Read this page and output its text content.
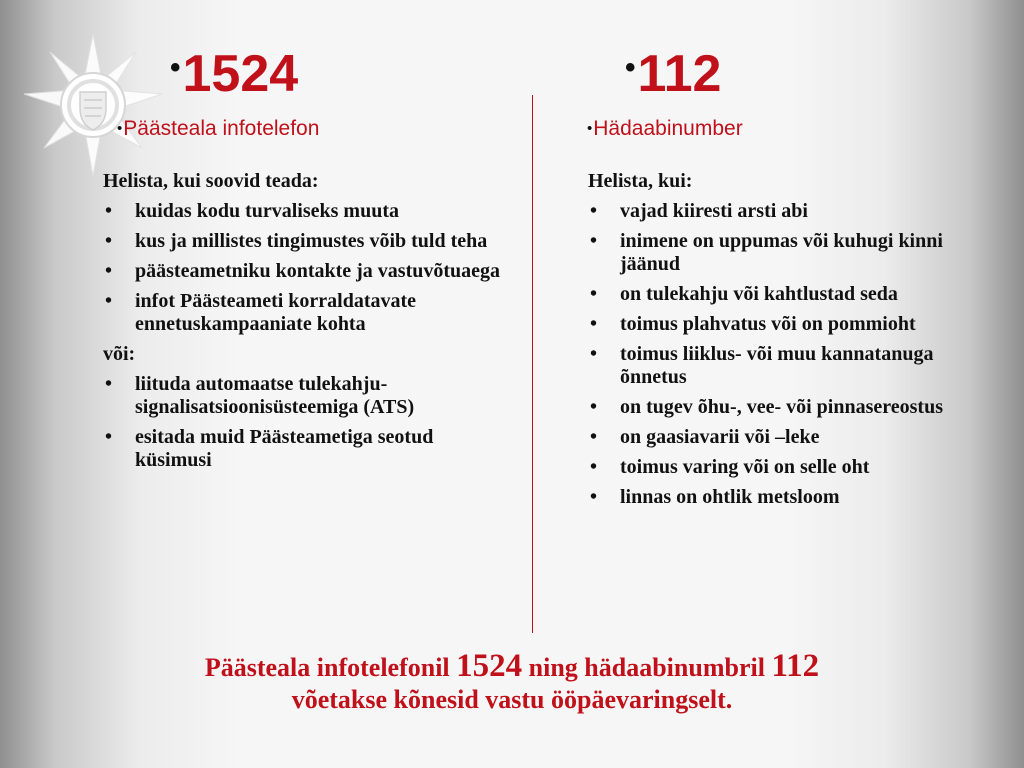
•1524	•112
•Päästeala infotelefon	•Hädaabinumber
Helista, kui soovid teada:
• kuidas kodu turvaliseks muuta
• kus ja millistes tingimustes võib tuld teha
• päästeametniku kontakte ja vastuvõtuaega
• infot Päästeameti korraldatavate ennetuskampaaniate kohta
või:
• liituda automaatse tulekahju-signalisatsioonisüsteemiga (ATS)
• esitada muid Päästeametiga seotud küsimusi
Helista, kui:
• vajad kiiresti arsti abi
• inimene on uppumas või kuhugi kinni jäänud
• on tulekahju või kahtlustad seda
• toimus plahvatus või on pommioht
• toimus liiklus- või muu kannatanuga õnnetus
• on tugev õhu-, vee- või pinnasereostus
• on gaasiavarii või –leke
• toimus varing või on selle oht
• linnas on ohtlik metsloom
Päästeala infotelefonil 1524 ning hädaabinumbril 112
võetakse kõnesid vastu ööpäevaringselt.
